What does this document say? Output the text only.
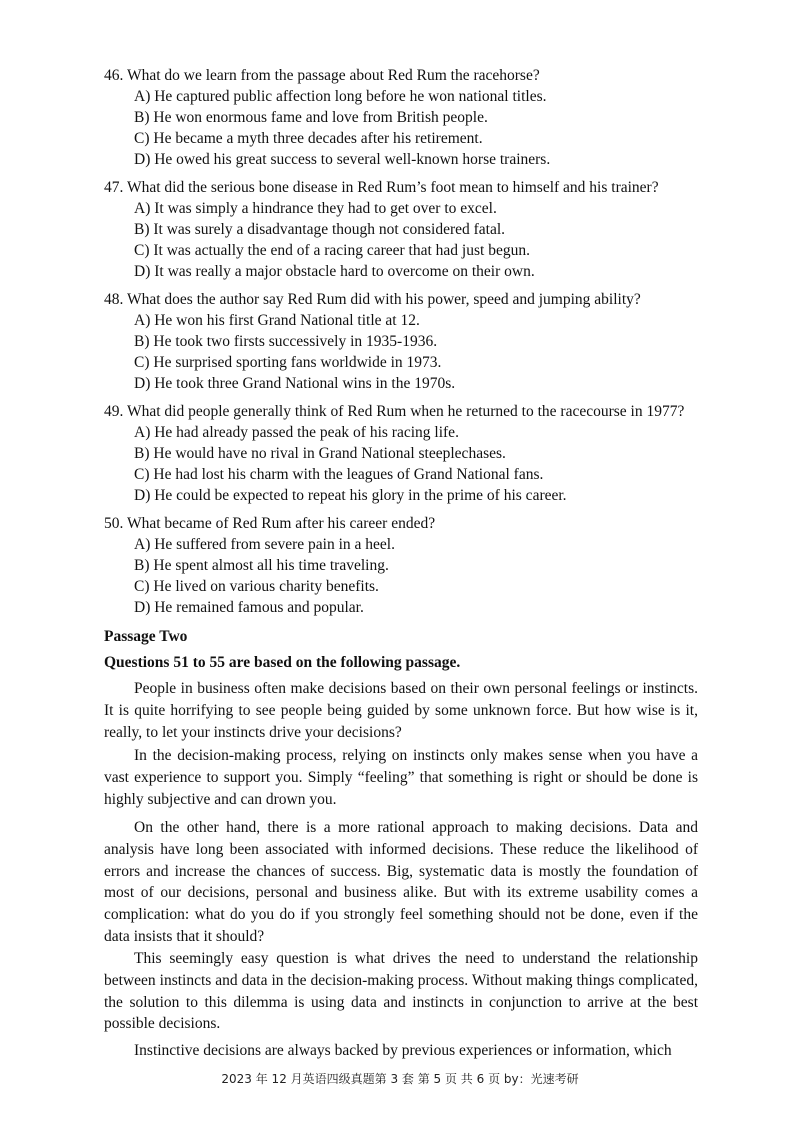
46. What do we learn from the passage about Red Rum the racehorse?

A) He captured public affection long before he won national titles.

B) He won enormous fame and love from British people.

C) He became a myth three decades after his retirement.

D) He owed his great success to several well-known horse trainers.

47. What did the serious bone disease in Red Rum’s foot mean to himself and his trainer?

A) It was simply a hindrance they had to get over to excel.

B) It was surely a disadvantage though not considered fatal.

C) It was actually the end of a racing career that had just begun.

D) It was really a major obstacle hard to overcome on their own.

48. What does the author say Red Rum did with his power, speed and jumping ability?

A) He won his first Grand National title at 12.

B) He took two firsts successively in 1935-1936.

C) He surprised sporting fans worldwide in 1973.

D) He took three Grand National wins in the 1970s.

49. What did people generally think of Red Rum when he returned to the racecourse in 1977?

A) He had already passed the peak of his racing life.

B) He would have no rival in Grand National steeplechases.

C) He had lost his charm with the leagues of Grand National fans.

D) He could be expected to repeat his glory in the prime of his career.

50. What became of Red Rum after his career ended?

A) He suffered from severe pain in a heel.

B) He spent almost all his time traveling.

C) He lived on various charity benefits.

D) He remained famous and popular.

Passage Two
Questions 51 to 55 are based on the following passage.

People in business often make decisions based on their own personal feelings or instincts. It is quite horrifying to see people being guided by some unknown force. But how wise is it, really, to let your instincts drive your decisions?

In the decision-making process, relying on instincts only makes sense when you have a vast experience to support you. Simply “feeling” that something is right or should be done is highly subjective and can drown you.

On the other hand, there is a more rational approach to making decisions. Data and analysis have long been associated with informed decisions. These reduce the likelihood of errors and increase the chances of success. Big, systematic data is mostly the foundation of most of our decisions, personal and business alike. But with its extreme usability comes a complication: what do you do if you strongly feel something should not be done, even if the data insists that it should?

This seemingly easy question is what drives the need to understand the relationship between instincts and data in the decision-making process. Without making things complicated, the solution to this dilemma is using data and instincts in conjunction to arrive at the best possible decisions.

Instinctive decisions are always backed by previous experiences or information, which

2023 年 12 月英语四级真题第 3 套 第 5 页 共 6 页 by：光速考研
